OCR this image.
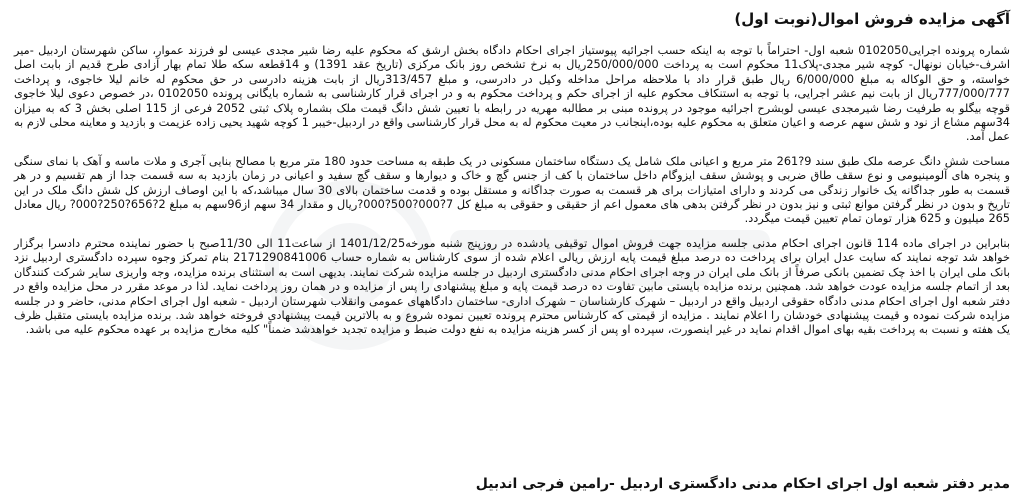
آگهی مزایده فروش اموال(نوبت اول)

شماره پرونده اجرایی0102050 شعبه اول- احتراماً با توجه به اینکه حسب اجرائیه پیوستیاز اجرای احکام دادگاه بخش ارشق که محکوم علیه رضا شیر مجدی عیسی لو فرزند عموار، ساکن شهرستان اردبیل -میر اشرف-خیابان نونهال- کوچه شیر مجدی-پلاک11 محکوم است به پرداخت 250/000/000ریال به نرخ تشخص روز بانک مرکزی (تاریخ عقد 1391) و 14قطعه سکه طلا تمام بهار آزادی طرح قدیم از بابت اصل خواسته، و حق الوکاله به مبلغ 6/000/000 ریال طبق قرار داد با ملاحظه مراحل مداخله وکیل در دادرسی، و مبلغ 313/457ریال از بابت هزینه دادرسی در حق محکوم له خانم لیلا خاجوی، و پرداخت 777/000/777ریال از بابت نیم عشر اجرایی، با توجه به استنکاف محکوم علیه از اجرای حکم و پرداخت محکوم به و در اجرای قرار کارشناسی به شماره بایگانی پرونده 0102050 ،در خصوص دعوی لیلا خاجوی قوچه بیگلو به طرفیت رضا شیرمجدی عیسی لوبشرح اجرائیه موجود در پرونده مبنی بر مطالبه مهریه در رابطه با تعیین شش دانگ قیمت ملک بشماره پلاک ثبتی 2052 فرعی از 115 اصلی بخش 3 که به میزان 34سهم مشاع از نود و شش سهم عرصه و اعیان متعلق به محکوم علیه بوده،اینجانب در معیت محکوم له به محل قرار کارشناسی واقع در اردبیل-خیبر 1 کوچه شهید یحیی زاده عزیمت و بازدید و معاینه محلی لازم به عمل آمد.

مساحت شش دانگ عرصه ملک طبق سند 9?261 متر مربع و اعیانی ملک شامل یک دستگاه ساختمان مسکونی در یک طبقه به مساحت حدود 180 متر مربع با مصالح بنایی آجری و ملات ماسه و آهک با نمای سنگی و پنجره های آلومینیومی و نوع سقف طاق ضربی و پوشش سقف ایزوگام داخل ساختمان با کف از جنس گچ و خاک و دیوارها و سقف گچ سفید و اعیانی در زمان بازدید به سه قسمت جدا از هم تقسیم و در هر قسمت به طور جداگانه یک خانوار زندگی می کردند و دارای امتیازات برای هر قسمت به صورت جداگانه و مستقل بوده و قدمت ساختمان بالای 30 سال میباشد،که با این اوصاف ارزش کل شش دانگ ملک در این تاریخ و بدون در نظر گرفتن موانع ثبتی و نیز بدون در نظر گرفتن بدهی های معمول اعم از حقیقی و حقوقی به مبلغ کل 7?000?500?000?ریال و مقدار 34 سهم از96سهم به مبلغ 2?656?250?000? ریال معادل 265 میلیون و 625 هزار تومان تمام تعیین قیمت میگردد.

بنابراین در اجرای ماده 114 قانون اجرای احکام مدنی جلسه مزایده جهت فروش اموال توقیفی یادشده در روزپنج شنبه مورخه1401/12/25 از ساعت11 الی 11/30صبح با حضور نماینده محترم دادسرا برگزار خواهد شد توجه نمایند که سایت عدل ایران برای پرداخت ده درصد مبلغ قیمت پایه ارزش ریالی اعلام شده از سوی کارشناس به شماره حساب 2171290841006 بنام تمرکز وجوه سپرده دادگستری اردبیل نزد بانک ملی ایران با اخذ چک تضمین بانکی صرفاً از بانک ملی ایران در وجه اجرای احکام مدنی دادگستری اردبیل در جلسه مزایده شرکت نمایند. بدیهی است به استثنای برنده مزایده، وجه واریزی سایر شرکت کنندگان بعد از اتمام جلسه مزایده عودت خواهد شد. همچنین برنده مزایده بایستی مابین تفاوت ده درصد قیمت پایه و مبلغ پیشنهادی را پس از مزایده و در همان روز پرداخت نماید. لذا در موعد مقرر در محل مزایده واقع در دفتر شعبه اول اجرای احکام مدنی دادگاه حقوقی اردبیل واقع در اردبیل – شهرک کارشناسان – شهرک اداری- ساختمان دادگاههای عمومی وانقلاب شهرستان اردبیل - شعبه اول اجرای احکام مدنی، حاضر و در جلسه مزایده شرکت نموده و قیمت پیشنهادی خودشان را اعلام نمایند . مزایده از قیمتی که کارشناس محترم پرونده تعیین نموده شروع و به بالاترین قیمت پیشنهادی فروخته خواهد شد. برنده مزایده بایستی متقبل ظرف یک هفته و نسبت به پرداخت بقیه بهای اموال اقدام نماید در غیر اینصورت، سپرده او پس از کسر هزینه مزایده به نفع دولت ضبط و مزایده تجدید خواهدشد ضمناً" کلیه مخارج مزایده بر عهده محکوم علیه می باشد.

مدیر دفتر شعبه اول اجرای احکام مدنی دادگستری اردبیل -رامین فرجی اندبیل
